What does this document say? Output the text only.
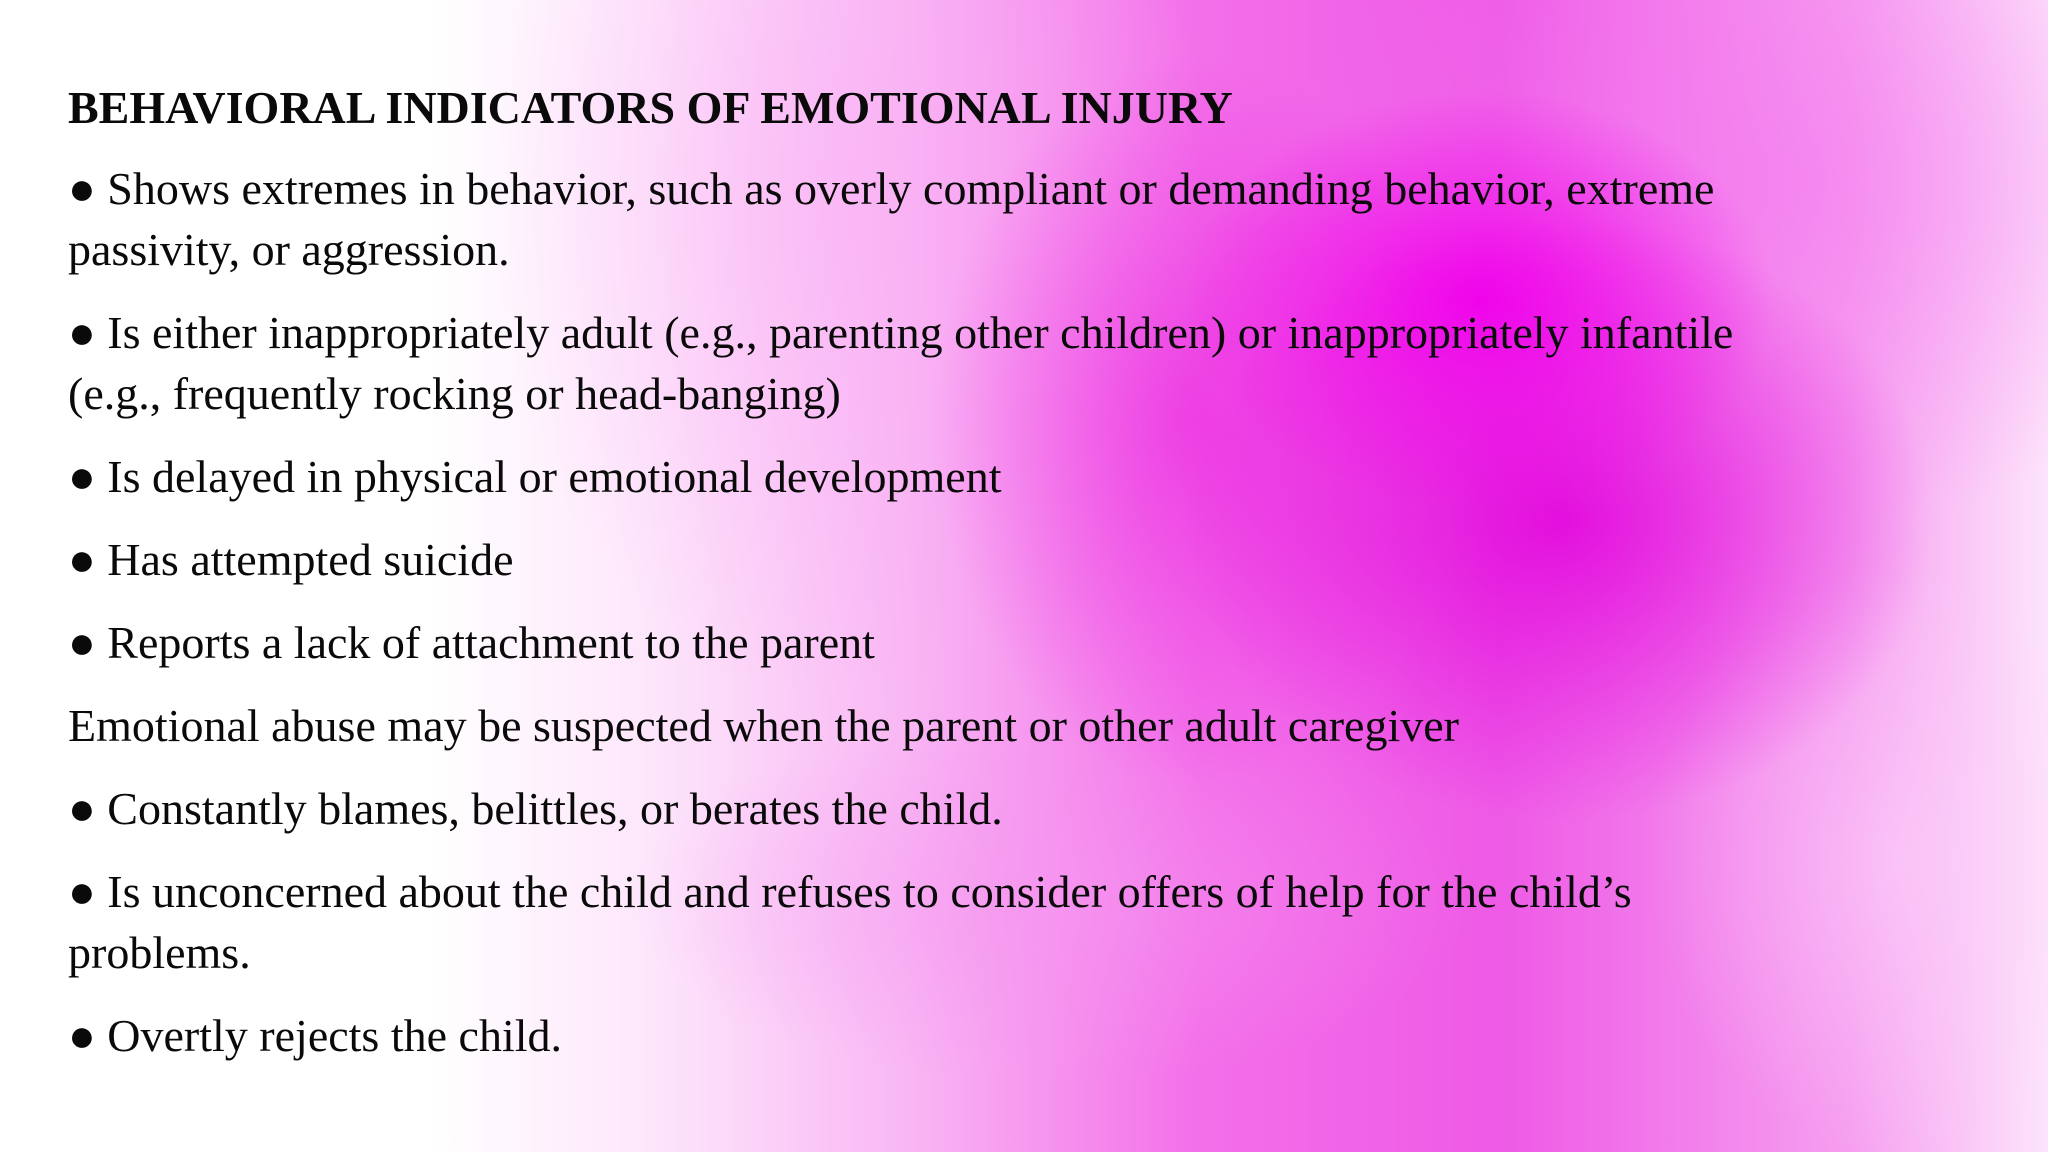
BEHAVIORAL INDICATORS OF EMOTIONAL INJURY
● Shows extremes in behavior, such as overly compliant or demanding behavior, extreme
passivity, or aggression.
● Is either inappropriately adult (e.g., parenting other children) or inappropriately infantile
(e.g., frequently rocking or head-banging)
● Is delayed in physical or emotional development
● Has attempted suicide
● Reports a lack of attachment to the parent
Emotional abuse may be suspected when the parent or other adult caregiver
● Constantly blames, belittles, or berates the child.
● Is unconcerned about the child and refuses to consider offers of help for the child’s
problems.
● Overtly rejects the child.
